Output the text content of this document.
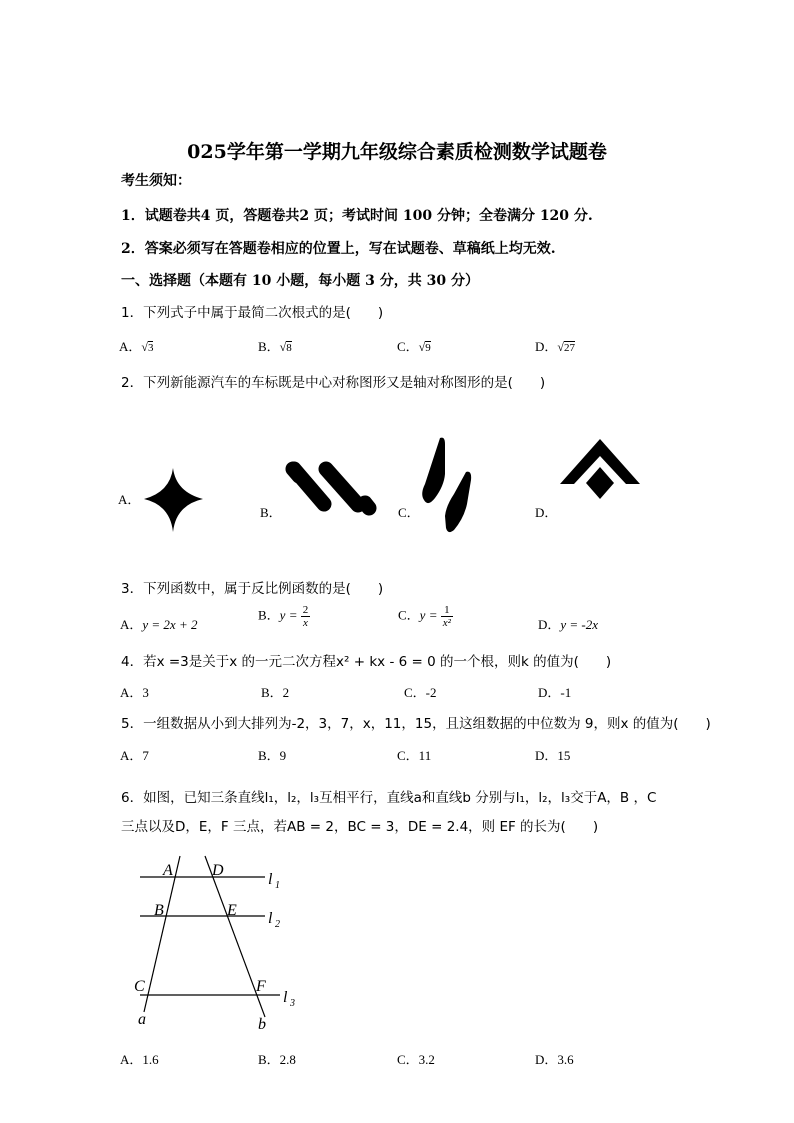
025学年第一学期九年级综合素质检测数学试题卷
考生须知：
1．试题卷共4 页，答题卷共2 页；考试时间 100 分钟；全卷满分 120 分.
2．答案必须写在答题卷相应的位置上，写在试题卷、草稿纸上均无效.
一、选择题（本题有 10 小题，每小题 3 分，共 30 分）
1．下列式子中属于最简二次根式的是(　　)
A．√3	B．√8	C．√9	D．√27
2．下列新能源汽车的车标既是中心对称图形又是轴对称图形的是(　　)
A．
B．	C．	D．
3．下列函数中，属于反比例函数的是(　　)
A．y = 2x + 2
B．$y = \frac{2}{x}$	C．$y = \frac{1}{\text{x²}}$	D．y = -2x
4．若x =3是关于x 的一元二次方程x² + kx - 6 = 0 的一个根，则k 的值为(　　)
A．3	B．2	C．-2	D．-1
5．一组数据从小到大排列为-2，3，7，x，11，15，且这组数据的中位数为 9，则x 的值为(　　)
A．7	B．9	C．11	D．15
6．如图，已知三条直线l₁，l₂，l₃互相平行，直线a和直线b 分别与l₁，l₂，l₃交于A，B ，C
三点以及D，E，F 三点，若AB = 2，BC = 3，DE = 2.4，则 EF 的长为(　　)
A D
B	E
C	F
a	b
l 1
l 2
l 3
A．1.6	B．2.8	C．3.2	D．3.6
